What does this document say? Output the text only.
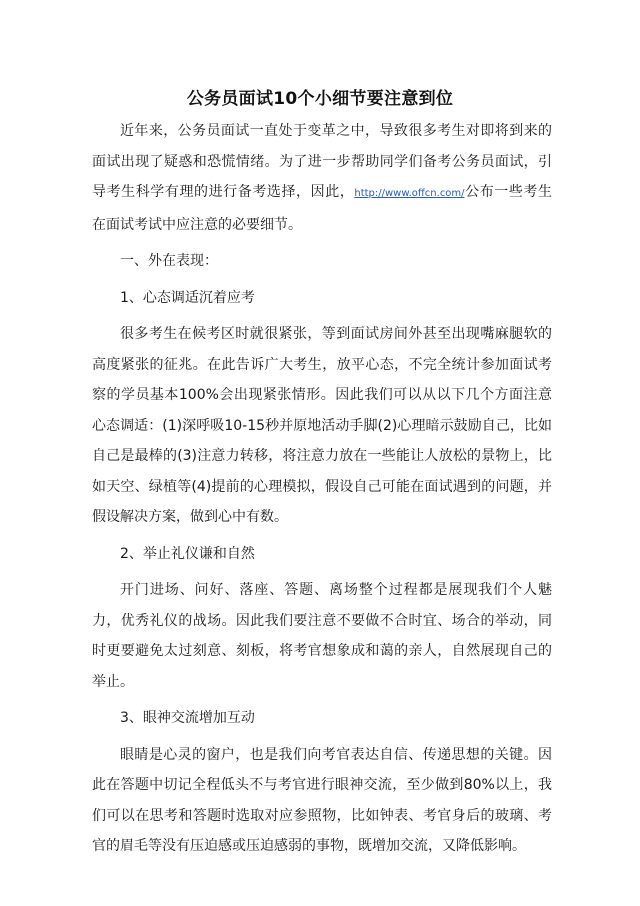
公务员面试10个小细节要注意到位

近年来，公务员面试一直处于变革之中，导致很多考生对即将到来的面试出现了疑惑和恐慌情绪。为了进一步帮助同学们备考公务员面试，引导考生科学有理的进行备考选择，因此，http://www.offcn.com/公布一些考生在面试考试中应注意的必要细节。

一、外在表现：

1、心态调适沉着应考

很多考生在候考区时就很紧张，等到面试房间外甚至出现嘴麻腿软的高度紧张的征兆。在此告诉广大考生，放平心态，不完全统计参加面试考察的学员基本100%会出现紧张情形。因此我们可以从以下几个方面注意心态调适：(1)深呼吸10-15秒并原地活动手脚(2)心理暗示鼓励自己，比如自己是最棒的(3)注意力转移，将注意力放在一些能让人放松的景物上，比如天空、绿植等(4)提前的心理模拟，假设自己可能在面试遇到的问题，并假设解决方案，做到心中有数。

2、举止礼仪谦和自然

开门进场、问好、落座、答题、离场整个过程都是展现我们个人魅力，优秀礼仪的战场。因此我们要注意不要做不合时宜、场合的举动，同时更要避免太过刻意、刻板，将考官想象成和蔼的亲人，自然展现自己的举止。

3、眼神交流增加互动

眼睛是心灵的窗户，也是我们向考官表达自信、传递思想的关键。因此在答题中切记全程低头不与考官进行眼神交流，至少做到80%以上，我们可以在思考和答题时选取对应参照物，比如钟表、考官身后的玻璃、考官的眉毛等没有压迫感或压迫感弱的事物，既增加交流，又降低影响。
